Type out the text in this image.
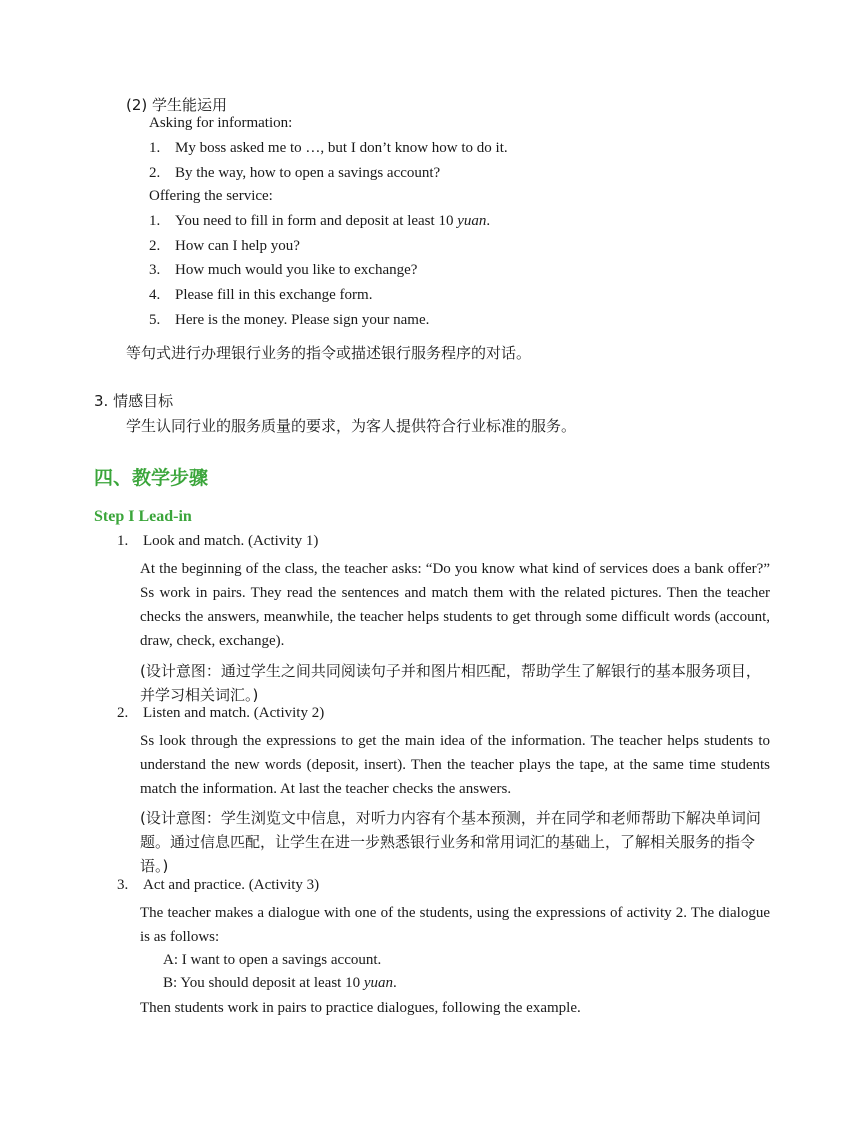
(2) 学生能运用
Asking for information:
1. My boss asked me to …, but I don’t know how to do it.
2. By the way, how to open a savings account?
Offering the service:
1. You need to fill in form and deposit at least 10 yuan.
2. How can I help you?
3. How much would you like to exchange?
4. Please fill in this exchange form.
5. Here is the money. Please sign your name.
等句式进行办理银行业务的指令或描述银行服务程序的对话。
3. 情感目标
学生认同行业的服务质量的要求，为客人提供符合行业标准的服务。
四、教学步骤
Step I Lead-in
1. Look and match. (Activity 1)
At the beginning of the class, the teacher asks: “Do you know what kind of services does a bank offer?” Ss work in pairs. They read the sentences and match them with the related pictures. Then the teacher checks the answers, meanwhile, the teacher helps students to get through some difficult words (account, draw, check, exchange).
(设计意图：通过学生之间共同阅读句子并和图片相匹配，帮助学生了解银行的基本服务项目，并学习相关词汇。)
2. Listen and match. (Activity 2)
Ss look through the expressions to get the main idea of the information. The teacher helps students to understand the new words (deposit, insert). Then the teacher plays the tape, at the same time students match the information. At last the teacher checks the answers.
(设计意图：学生浏览文中信息，对听力内容有个基本预测，并在同学和老师帮助下解决单词问题。通过信息匹配，让学生在进一步熟悉银行业务和常用词汇的基础上，了解相关服务的指令语。)
3. Act and practice. (Activity 3)
The teacher makes a dialogue with one of the students, using the expressions of activity 2. The dialogue is as follows:
A: I want to open a savings account.
B: You should deposit at least 10 yuan.
Then students work in pairs to practice dialogues, following the example.
